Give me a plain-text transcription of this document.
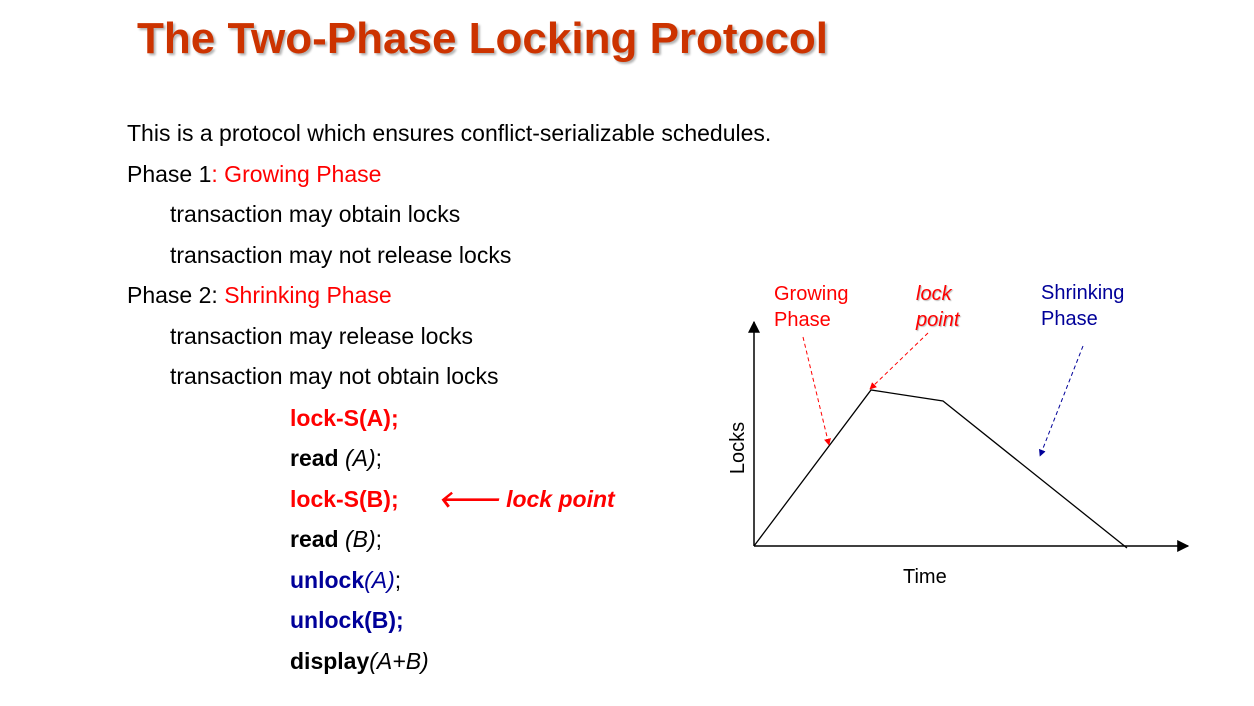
The Two-Phase Locking Protocol
This is a protocol which ensures conflict-serializable schedules.
Phase 1: Growing Phase
transaction may obtain locks
transaction may not release locks
Phase 2: Shrinking Phase
transaction may release locks
transaction may not obtain locks
lock-S(A);
read (A);
lock-S(B); 🡐 lock point
read (B);
unlock(A);
unlock(B);
display(A+B)
Growing
Phase
lock
point
Shrinking
Phase
Locks
Time
